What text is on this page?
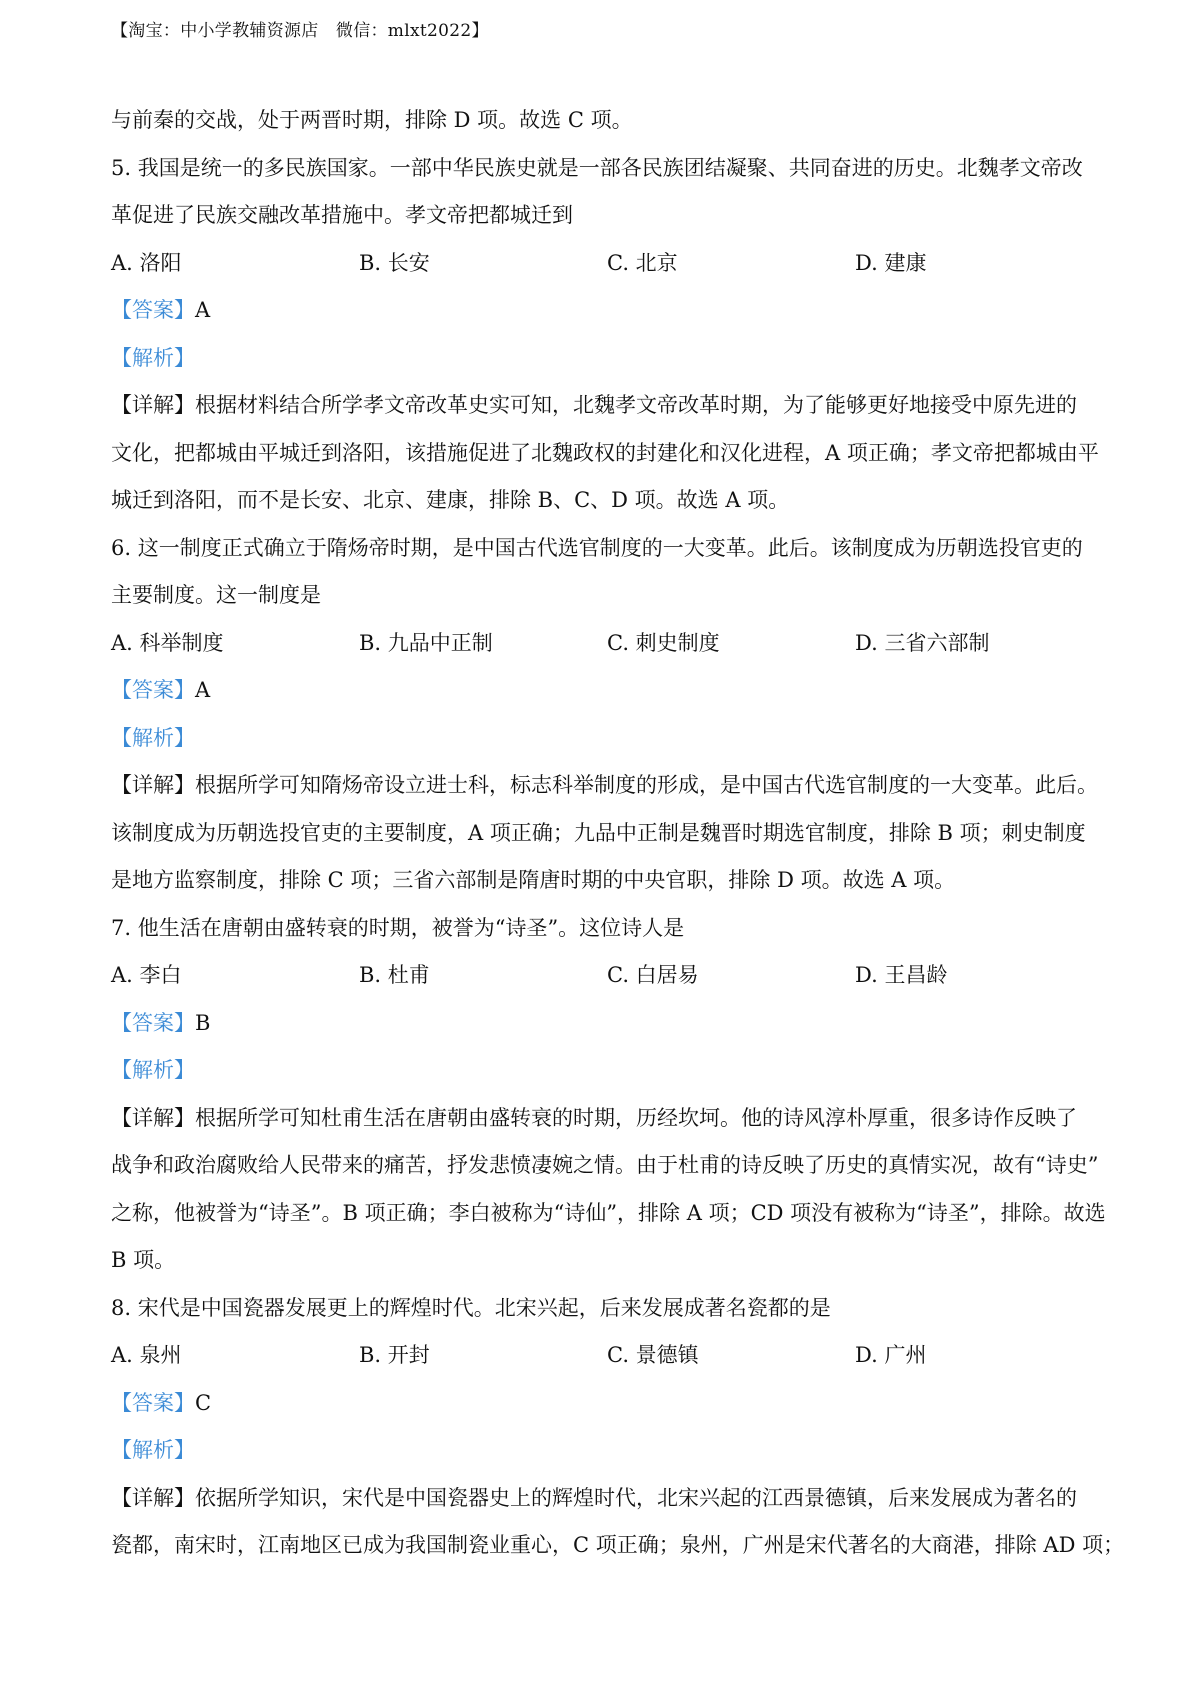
【淘宝：中小学教辅资源店　微信：mlxt2022】
与前秦的交战，处于两晋时期，排除 D 项。故选 C 项。
5. 我国是统一的多民族国家。一部中华民族史就是一部各民族团结凝聚、共同奋进的历史。北魏孝文帝改
革促进了民族交融改革措施中。孝文帝把都城迁到
A. 洛阳	B. 长安	C. 北京	D. 建康
【答案】A
【解析】
【详解】根据材料结合所学孝文帝改革史实可知，北魏孝文帝改革时期，为了能够更好地接受中原先进的
文化，把都城由平城迁到洛阳，该措施促进了北魏政权的封建化和汉化进程，A 项正确；孝文帝把都城由平
城迁到洛阳，而不是长安、北京、建康，排除 B、C、D 项。故选 A 项。
6. 这一制度正式确立于隋炀帝时期，是中国古代选官制度的一大变革。此后。该制度成为历朝选投官吏的
主要制度。这一制度是
A. 科举制度	B. 九品中正制	C. 刺史制度	D. 三省六部制
【答案】A
【解析】
【详解】根据所学可知隋炀帝设立进士科，标志科举制度的形成，是中国古代选官制度的一大变革。此后。
该制度成为历朝选投官吏的主要制度，A 项正确；九品中正制是魏晋时期选官制度，排除 B 项；刺史制度
是地方监察制度，排除 C 项；三省六部制是隋唐时期的中央官职，排除 D 项。故选 A 项。
7. 他生活在唐朝由盛转衰的时期，被誉为“诗圣”。这位诗人是
A. 李白	B. 杜甫	C. 白居易	D. 王昌龄
【答案】B
【解析】
【详解】根据所学可知杜甫生活在唐朝由盛转衰的时期，历经坎坷。他的诗风淳朴厚重，很多诗作反映了
战争和政治腐败给人民带来的痛苦，抒发悲愤凄婉之情。由于杜甫的诗反映了历史的真情实况，故有“诗史”
之称，他被誉为“诗圣”。B 项正确；李白被称为“诗仙”，排除 A 项；CD 项没有被称为“诗圣”，排除。故选
B 项。
8. 宋代是中国瓷器发展更上的辉煌时代。北宋兴起，后来发展成著名瓷都的是
A. 泉州	B. 开封	C. 景德镇	D. 广州
【答案】C
【解析】
【详解】依据所学知识，宋代是中国瓷器史上的辉煌时代，北宋兴起的江西景德镇，后来发展成为著名的
瓷都，南宋时，江南地区已成为我国制瓷业重心，C 项正确；泉州，广州是宋代著名的大商港，排除 AD 项；
